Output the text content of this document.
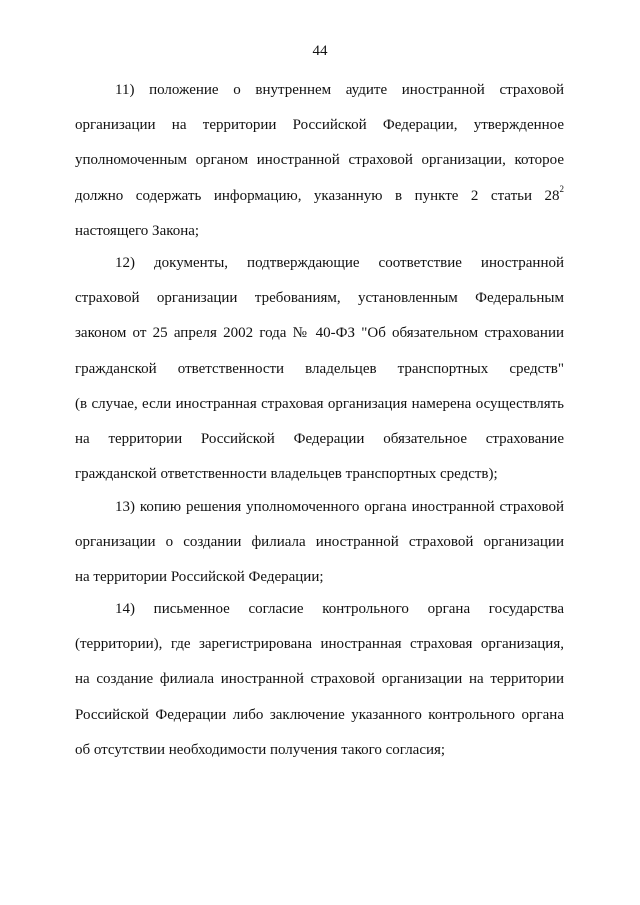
44
11) положение о внутреннем аудите иностранной страховой
организации на территории Российской Федерации, утвержденное
уполномоченным органом иностранной страховой организации, которое
должно содержать информацию, указанную в пункте 2 статьи $28^2$
настоящего Закона;
12) документы, подтверждающие соответствие иностранной
страховой организации требованиям, установленным Федеральным
законом от 25 апреля 2002 года № 40-ФЗ "Об обязательном страховании
гражданской ответственности владельцев транспортных средств"
(в случае, если иностранная страховая организация намерена осуществлять
на территории Российской Федерации обязательное страхование
гражданской ответственности владельцев транспортных средств);
13) копию решения уполномоченного органа иностранной страховой
организации о создании филиала иностранной страховой организации
на территории Российской Федерации;
14) письменное согласие контрольного органа государства
(территории), где зарегистрирована иностранная страховая организация,
на создание филиала иностранной страховой организации на территории
Российской Федерации либо заключение указанного контрольного органа
об отсутствии необходимости получения такого согласия;
